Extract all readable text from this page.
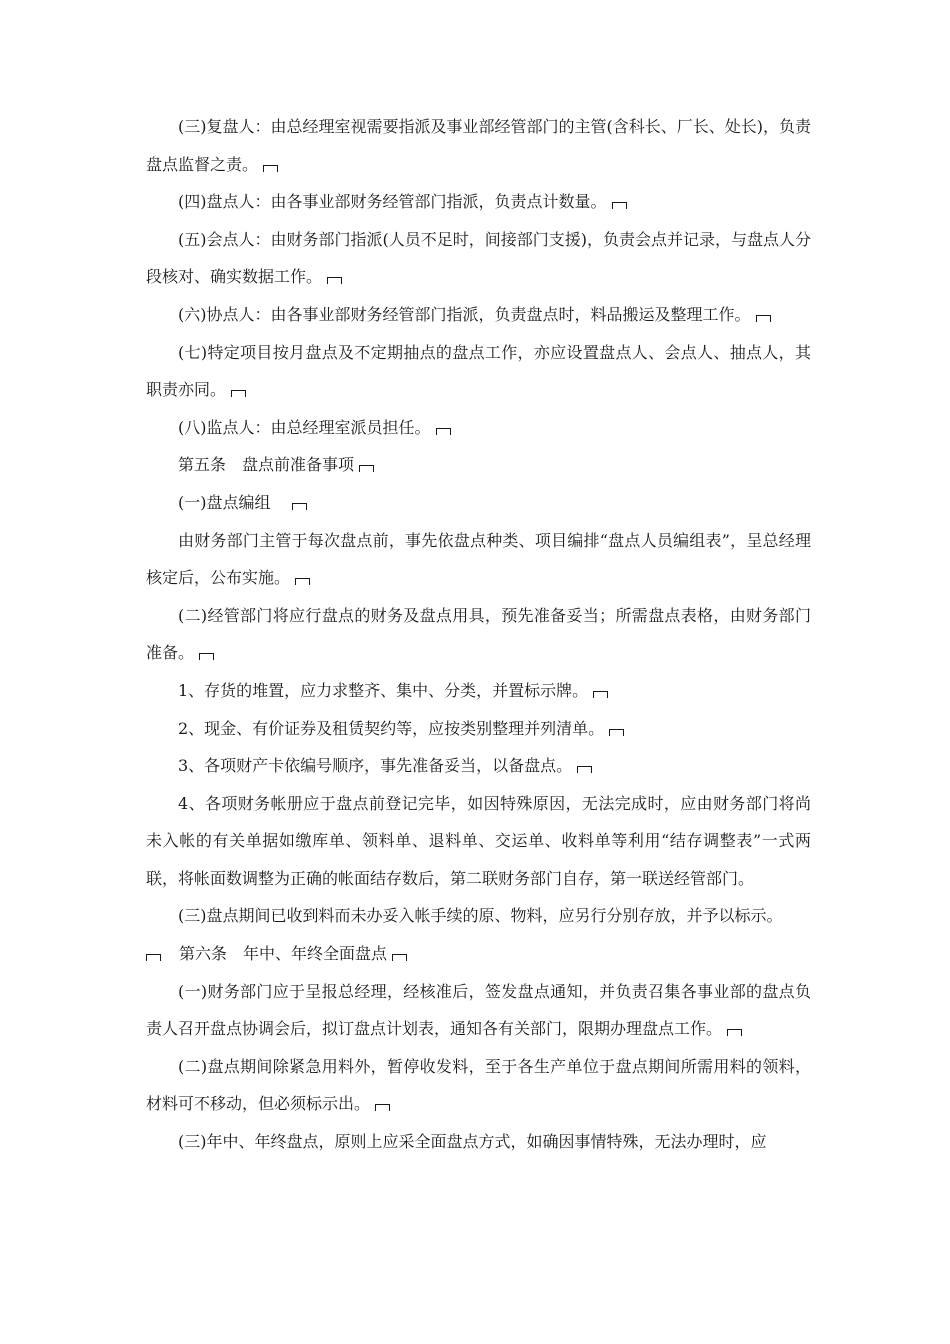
(三)复盘人：由总经理室视需要指派及事业部经管部门的主管(含科长、厂长、处长)，负责盘点监督之责。

(四)盘点人：由各事业部财务经管部门指派，负责点计数量。

(五)会点人：由财务部门指派(人员不足时，间接部门支援)，负责会点并记录，与盘点人分段核对、确实数据工作。

(六)协点人：由各事业部财务经管部门指派，负责盘点时，料品搬运及整理工作。

(七)特定项目按月盘点及不定期抽点的盘点工作，亦应设置盘点人、会点人、抽点人，其职责亦同。

(八)监点人：由总经理室派员担任。

第五条　盘点前准备事项

(一)盘点编组　

由财务部门主管于每次盘点前，事先依盘点种类、项目编排“盘点人员编组表”，呈总经理核定后，公布实施。

(二)经管部门将应行盘点的财务及盘点用具，预先准备妥当；所需盘点表格，由财务部门准备。

1、存货的堆置，应力求整齐、集中、分类，并置标示牌。

2、现金、有价证券及租赁契约等，应按类别整理并列清单。

3、各项财产卡依编号顺序，事先准备妥当，以备盘点。

4、各项财务帐册应于盘点前登记完毕，如因特殊原因，无法完成时，应由财务部门将尚未入帐的有关单据如缴库单、领料单、退料单、交运单、收料单等利用“结存调整表”一式两联，将帐面数调整为正确的帐面结存数后，第二联财务部门自存，第一联送经管部门。

(三)盘点期间已收到料而未办妥入帐手续的原、物料，应另行分别存放，并予以标示。

　第六条　年中、年终全面盘点

(一)财务部门应于呈报总经理，经核准后，签发盘点通知，并负责召集各事业部的盘点负责人召开盘点协调会后，拟订盘点计划表，通知各有关部门，限期办理盘点工作。

(二)盘点期间除紧急用料外，暂停收发料，至于各生产单位于盘点期间所需用料的领料，材料可不移动，但必须标示出。

(三)年中、年终盘点，原则上应采全面盘点方式，如确因事情特殊，无法办理时，应
